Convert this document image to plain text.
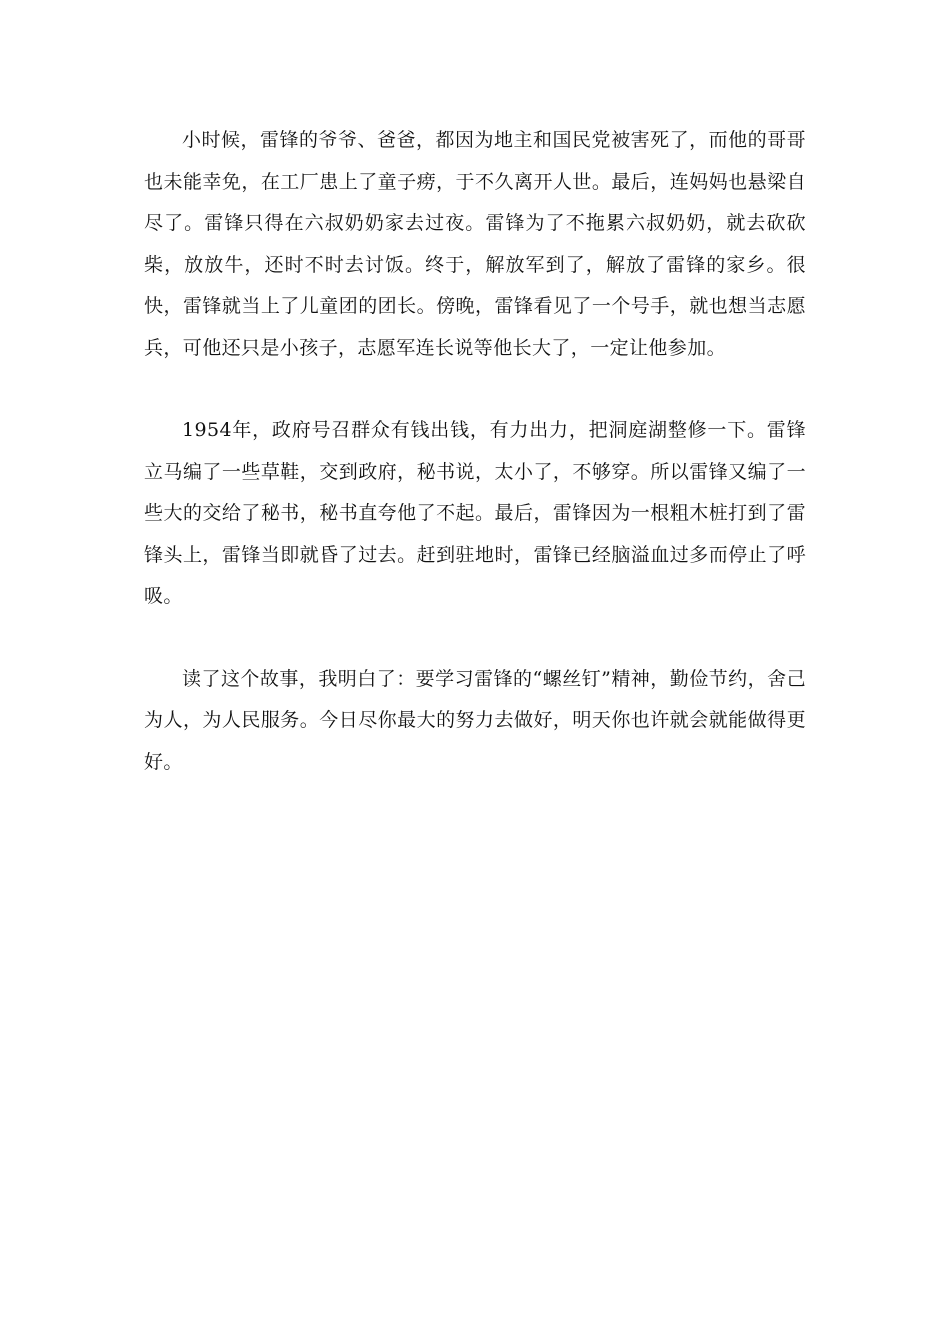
小时候，雷锋的爷爷、爸爸，都因为地主和国民党被害死了，而他的哥哥也未能幸免，在工厂患上了童子痨，于不久离开人世。最后，连妈妈也悬梁自尽了。雷锋只得在六叔奶奶家去过夜。雷锋为了不拖累六叔奶奶，就去砍砍柴，放放牛，还时不时去讨饭。终于，解放军到了，解放了雷锋的家乡。很快，雷锋就当上了儿童团的团长。傍晚，雷锋看见了一个号手，就也想当志愿兵，可他还只是小孩子，志愿军连长说等他长大了，一定让他参加。

1954年，政府号召群众有钱出钱，有力出力，把洞庭湖整修一下。雷锋立马编了一些草鞋，交到政府，秘书说，太小了，不够穿。所以雷锋又编了一些大的交给了秘书，秘书直夸他了不起。最后，雷锋因为一根粗木桩打到了雷锋头上，雷锋当即就昏了过去。赶到驻地时，雷锋已经脑溢血过多而停止了呼吸。

读了这个故事，我明白了：要学习雷锋的“螺丝钉”精神，勤俭节约，舍己为人，为人民服务。今日尽你最大的努力去做好，明天你也许就会就能做得更好。
